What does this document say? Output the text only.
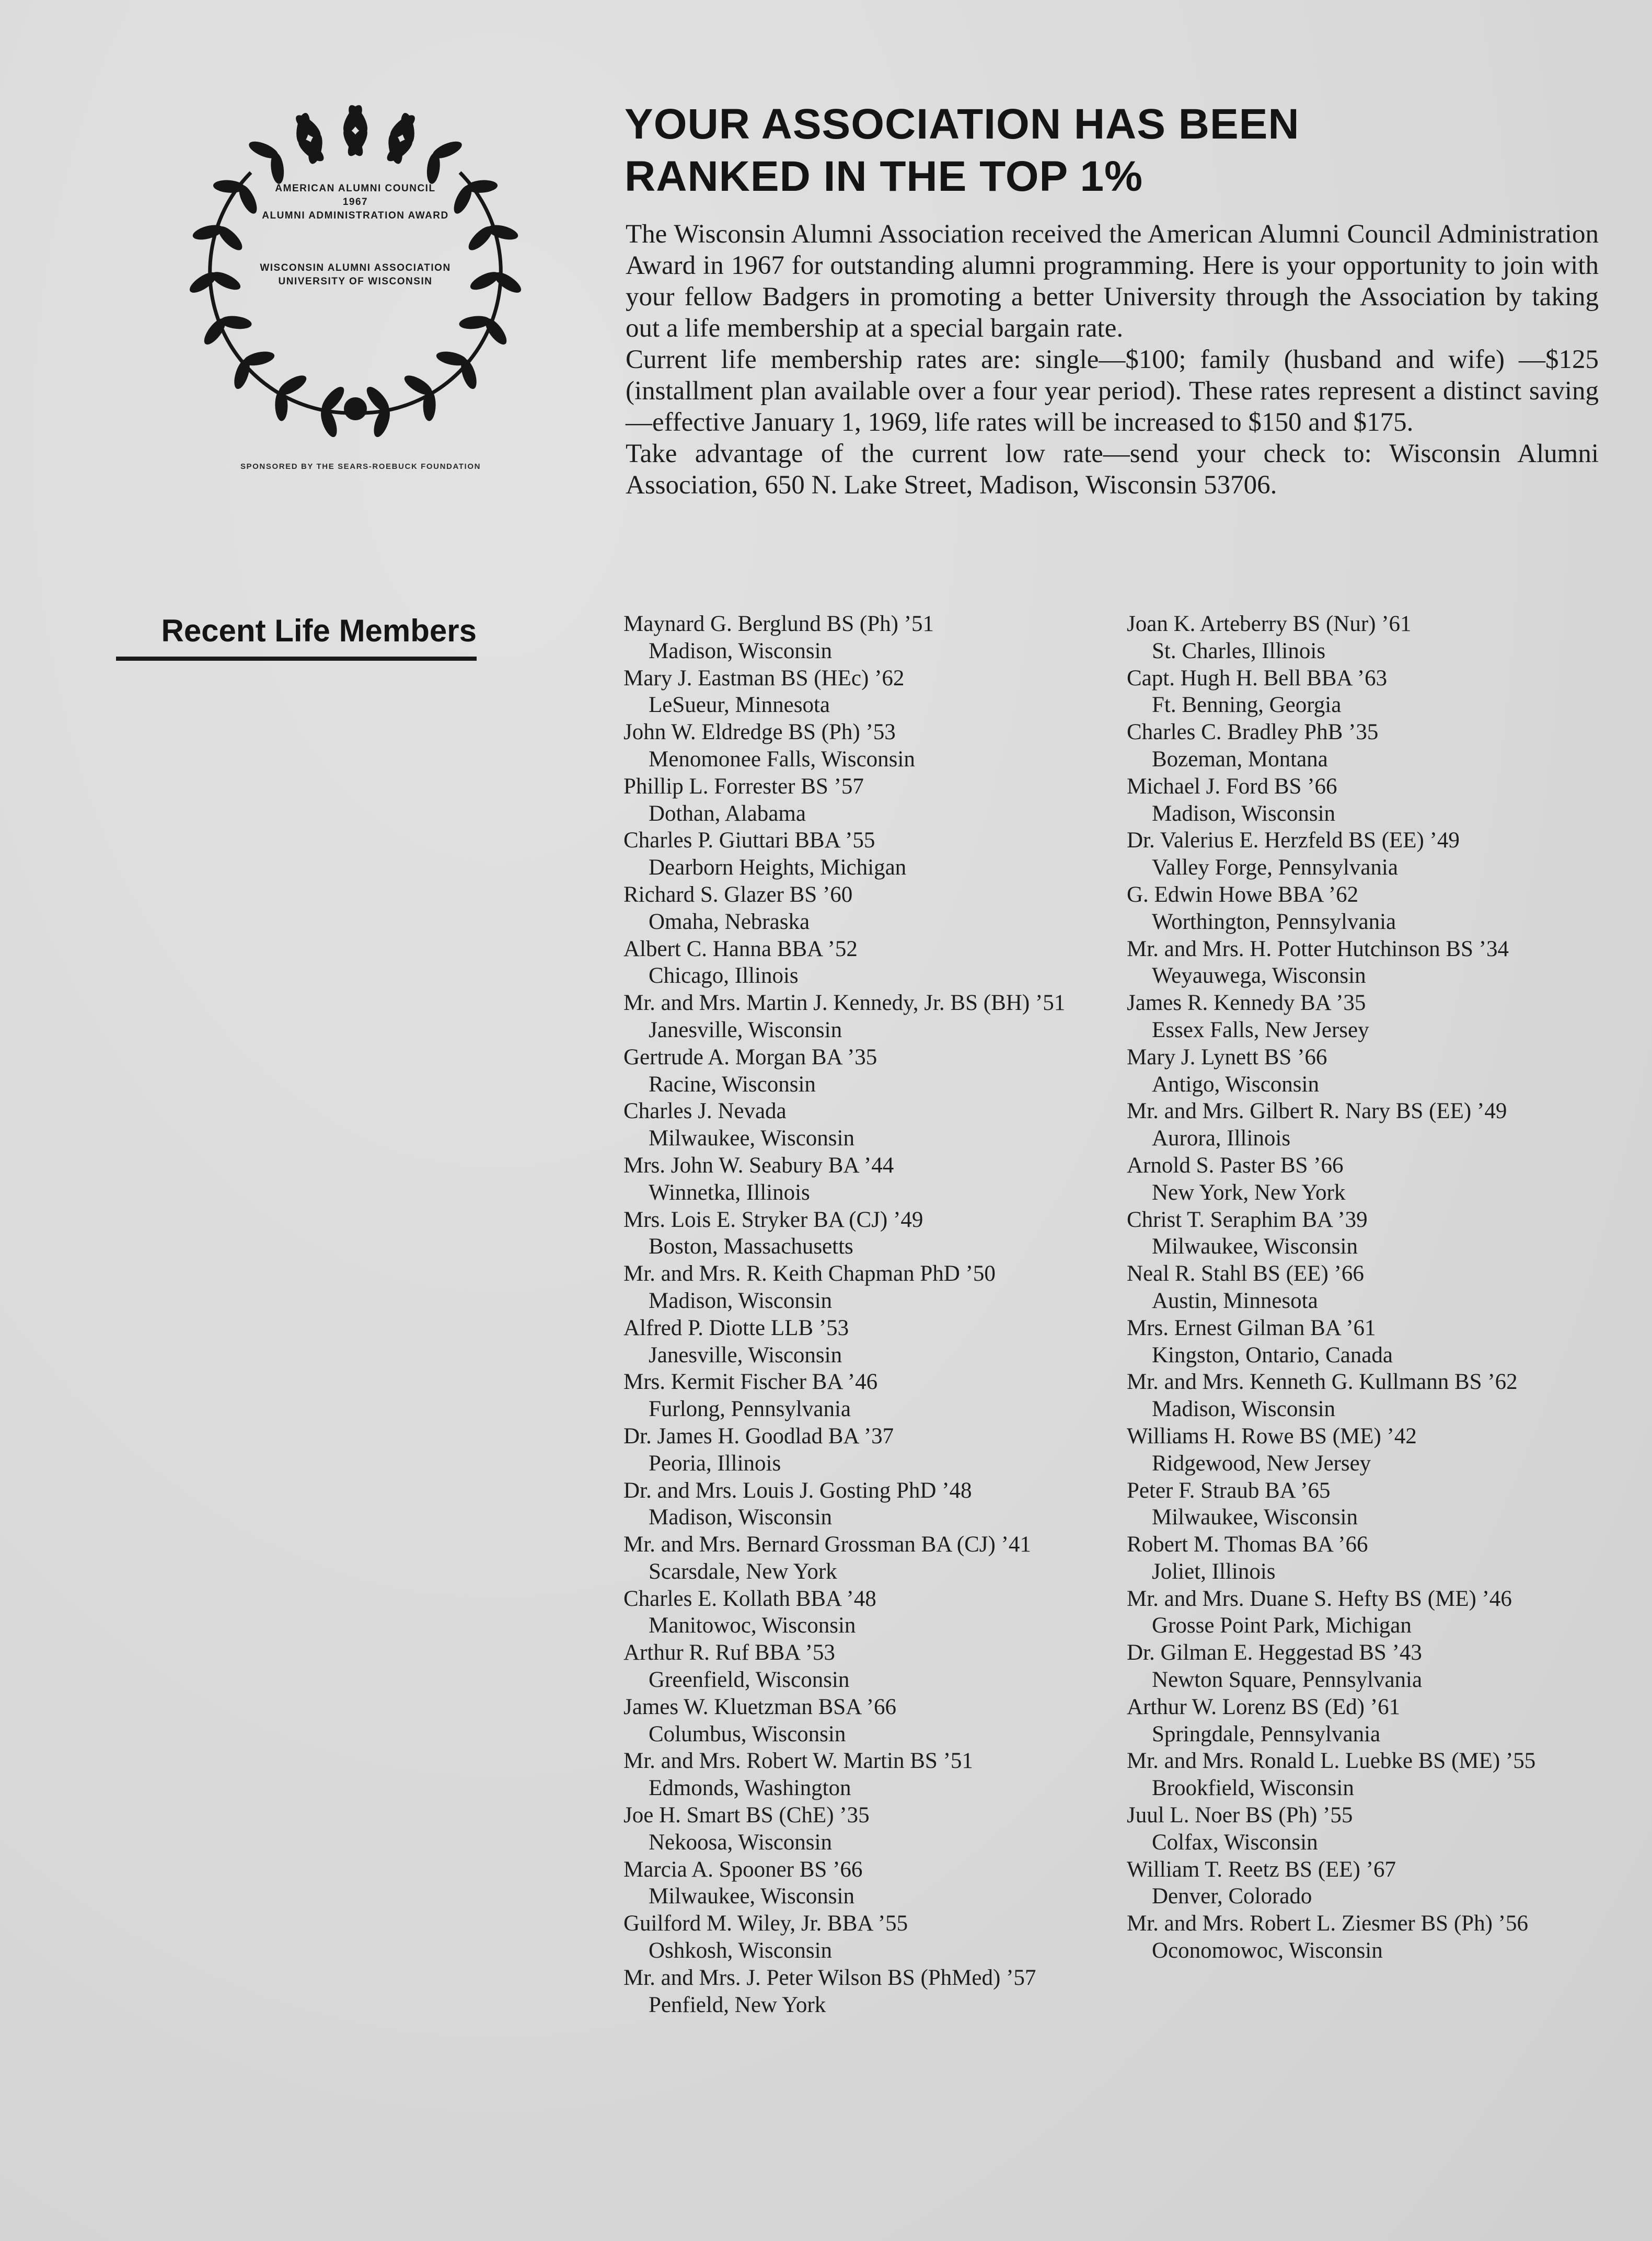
AMERICAN ALUMNI COUNCIL
1967
ALUMNI ADMINISTRATION AWARD
WISCONSIN ALUMNI ASSOCIATION
UNIVERSITY OF WISCONSIN
SPONSORED BY THE SEARS-ROEBUCK FOUNDATION
YOUR ASSOCIATION HAS BEEN
RANKED IN THE TOP 1%

The Wisconsin Alumni Association received the American Alumni Council Administration Award in 1967 for outstanding alumni programming. Here is your opportunity to join with your fellow Badgers in promoting a better University through the Association by taking out a life membership at a special bargain rate.

Current life membership rates are: single—$100; family (husband and wife) —$125 (installment plan available over a four year period). These rates represent a distinct saving—effective January 1, 1969, life rates will be increased to $150 and $175.

Take advantage of the current low rate—send your check to: Wisconsin Alumni Association, 650 N. Lake Street, Madison, Wisconsin 53706.

Recent Life Members	Maynard G. Berglund BS (Ph) ’51
Madison, Wisconsin
Mary J. Eastman BS (HEc) ’62
LeSueur, Minnesota
John W. Eldredge BS (Ph) ’53
Menomonee Falls, Wisconsin
Phillip L. Forrester BS ’57
Dothan, Alabama
Charles P. Giuttari BBA ’55
Dearborn Heights, Michigan
Richard S. Glazer BS ’60
Omaha, Nebraska
Albert C. Hanna BBA ’52
Chicago, Illinois
Mr. and Mrs. Martin J. Kennedy, Jr. BS (BH) ’51
Janesville, Wisconsin
Gertrude A. Morgan BA ’35
Racine, Wisconsin
Charles J. Nevada
Milwaukee, Wisconsin
Mrs. John W. Seabury BA ’44
Winnetka, Illinois
Mrs. Lois E. Stryker BA (CJ) ’49
Boston, Massachusetts
Mr. and Mrs. R. Keith Chapman PhD ’50
Madison, Wisconsin
Alfred P. Diotte LLB ’53
Janesville, Wisconsin
Mrs. Kermit Fischer BA ’46
Furlong, Pennsylvania
Dr. James H. Goodlad BA ’37
Peoria, Illinois
Dr. and Mrs. Louis J. Gosting PhD ’48
Madison, Wisconsin
Mr. and Mrs. Bernard Grossman BA (CJ) ’41
Scarsdale, New York
Charles E. Kollath BBA ’48
Manitowoc, Wisconsin
Arthur R. Ruf BBA ’53
Greenfield, Wisconsin
James W. Kluetzman BSA ’66
Columbus, Wisconsin
Mr. and Mrs. Robert W. Martin BS ’51
Edmonds, Washington
Joe H. Smart BS (ChE) ’35
Nekoosa, Wisconsin
Marcia A. Spooner BS ’66
Milwaukee, Wisconsin
Guilford M. Wiley, Jr. BBA ’55
Oshkosh, Wisconsin
Mr. and Mrs. J. Peter Wilson BS (PhMed) ’57
Penfield, New York
Joan K. Arteberry BS (Nur) ’61
St. Charles, Illinois
Capt. Hugh H. Bell BBA ’63
Ft. Benning, Georgia
Charles C. Bradley PhB ’35
Bozeman, Montana
Michael J. Ford BS ’66
Madison, Wisconsin
Dr. Valerius E. Herzfeld BS (EE) ’49
Valley Forge, Pennsylvania
G. Edwin Howe BBA ’62
Worthington, Pennsylvania
Mr. and Mrs. H. Potter Hutchinson BS ’34
Weyauwega, Wisconsin
James R. Kennedy BA ’35
Essex Falls, New Jersey
Mary J. Lynett BS ’66
Antigo, Wisconsin
Mr. and Mrs. Gilbert R. Nary BS (EE) ’49
Aurora, Illinois
Arnold S. Paster BS ’66
New York, New York
Christ T. Seraphim BA ’39
Milwaukee, Wisconsin
Neal R. Stahl BS (EE) ’66
Austin, Minnesota
Mrs. Ernest Gilman BA ’61
Kingston, Ontario, Canada
Mr. and Mrs. Kenneth G. Kullmann BS ’62
Madison, Wisconsin
Williams H. Rowe BS (ME) ’42
Ridgewood, New Jersey
Peter F. Straub BA ’65
Milwaukee, Wisconsin
Robert M. Thomas BA ’66
Joliet, Illinois
Mr. and Mrs. Duane S. Hefty BS (ME) ’46
Grosse Point Park, Michigan
Dr. Gilman E. Heggestad BS ’43
Newton Square, Pennsylvania
Arthur W. Lorenz BS (Ed) ’61
Springdale, Pennsylvania
Mr. and Mrs. Ronald L. Luebke BS (ME) ’55
Brookfield, Wisconsin
Juul L. Noer BS (Ph) ’55
Colfax, Wisconsin
William T. Reetz BS (EE) ’67
Denver, Colorado
Mr. and Mrs. Robert L. Ziesmer BS (Ph) ’56
Oconomowoc, Wisconsin
